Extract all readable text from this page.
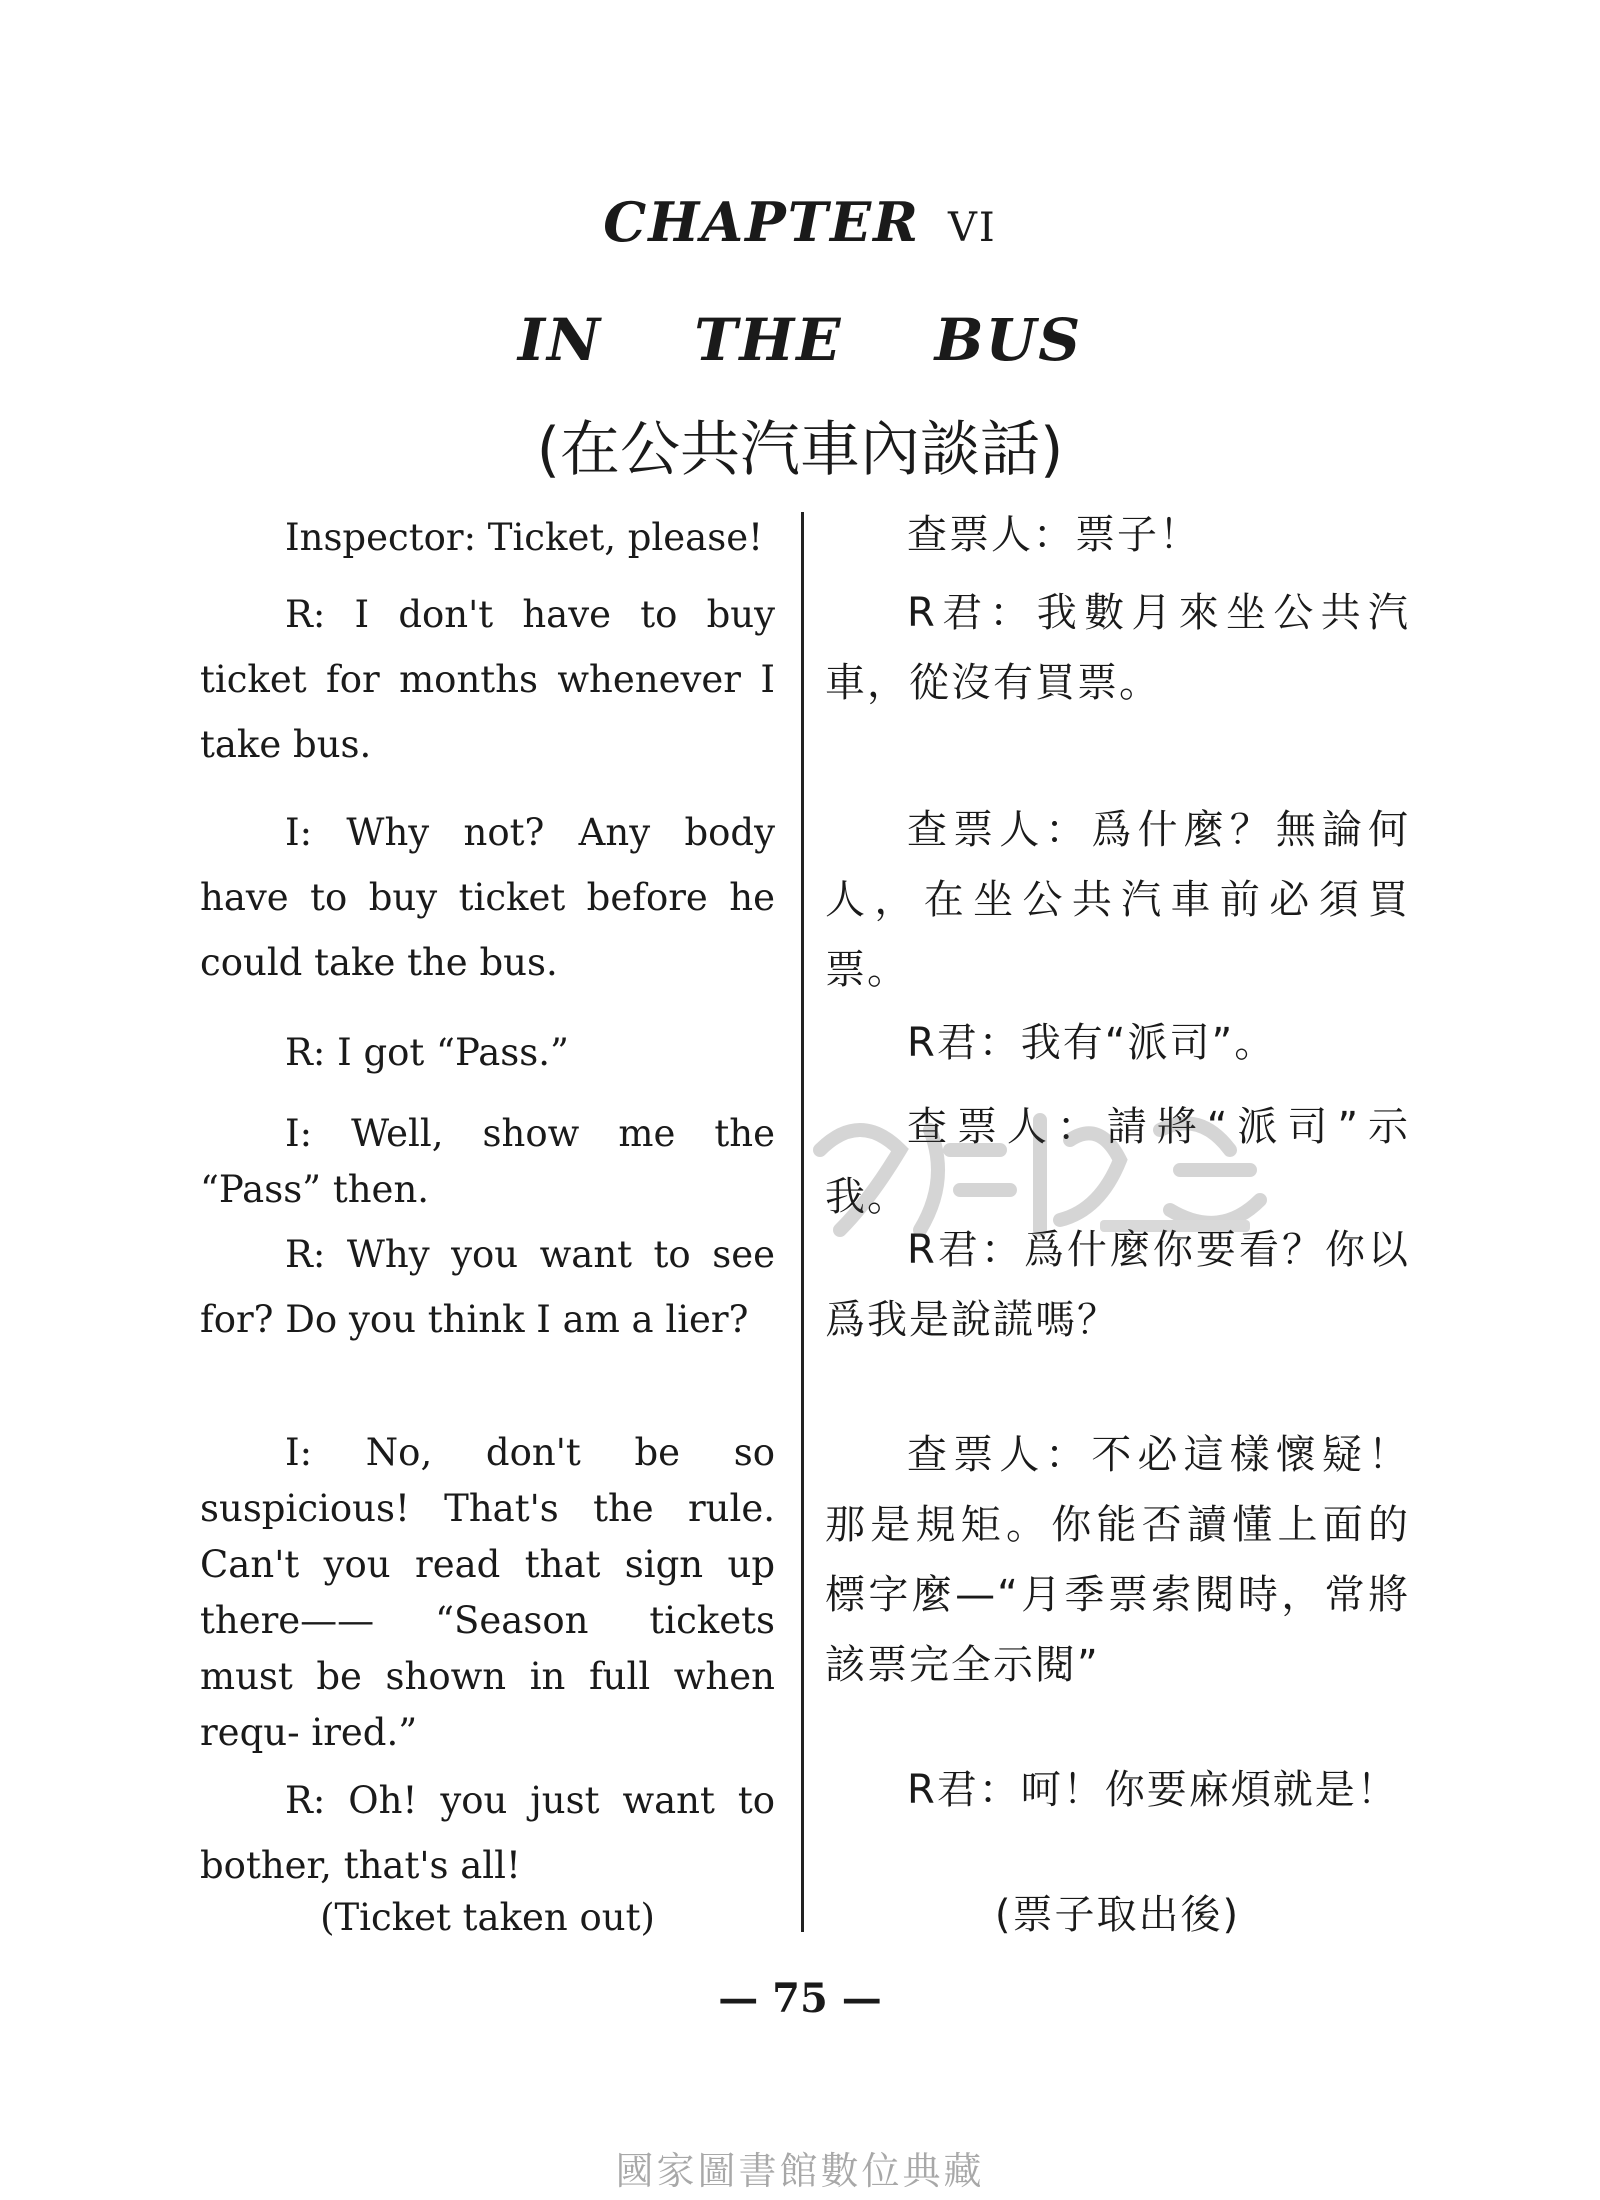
CHAPTER VI
IN THE BUS
(在公共汽車內談話)

Inspector: Ticket, please!

R: I don't have to buy ticket for months whenever I take bus.

I: Why not? Any body have to buy ticket before he could take the bus.

R: I got “Pass.”

I: Well, show me the “Pass” then.

R: Why you want to see for? Do you think I am a lier?

I: No, don't be so suspicious! That's the rule. Can't you read that sign up there—— “Season tickets must be shown in full when requ- ired.”

R: Oh! you just want to bother, that's all!

(Ticket taken out)

查票人：票子！

R君：我數月來坐公共汽車，從沒有買票。

查票人：爲什麼？無論何人，在坐公共汽車前必須買票。

R君：我有“派司”。

查票人：請將“派司”示我。

R君：爲什麼你要看？你以爲我是說謊嗎？

查票人：不必這樣懷疑！那是規矩。你能否讀懂上面的標字麼—“月季票索閱時，常將該票完全示閱”

R君：呵！你要麻煩就是！

(票子取出後)

— 75 —
國家圖書館數位典藏
